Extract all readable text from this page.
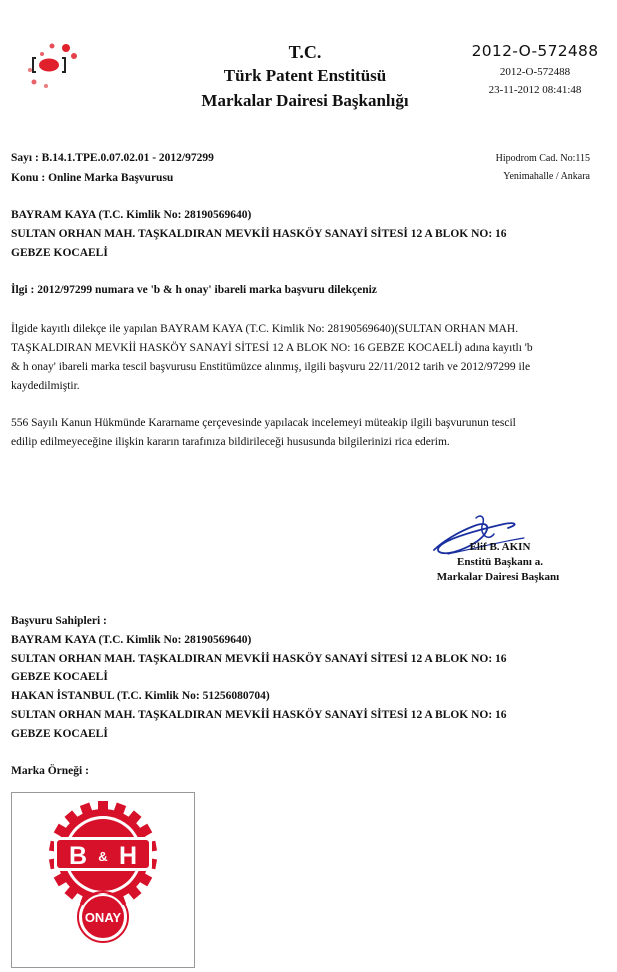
T.C.
Türk Patent Enstitüsü
Markalar Dairesi Başkanlığı
2012-O-572488
2012-O-572488
23-11-2012 08:41:48
Sayı : B.14.1.TPE.0.07.02.01 - 2012/97299
Konu : Online Marka Başvurusu
Hipodrom Cad. No:115
Yenimahalle / Ankara
BAYRAM KAYA (T.C. Kimlik No: 28190569640)
SULTAN ORHAN MAH. TAŞKALDIRAN MEVKİİ HASKÖY SANAYİ SİTESİ 12 A BLOK NO: 16
GEBZE KOCAELİ
İlgi : 2012/97299 numara ve 'b & h onay' ibareli marka başvuru dilekçeniz
İlgide kayıtlı dilekçe ile yapılan BAYRAM KAYA (T.C. Kimlik No: 28190569640)(SULTAN ORHAN MAH.
TAŞKALDIRAN MEVKİİ HASKÖY SANAYİ SİTESİ 12 A BLOK NO: 16 GEBZE KOCAELİ) adına kayıtlı 'b
& h onay' ibareli marka tescil başvurusu Enstitümüzce alınmış, ilgili başvuru 22/11/2012 tarih ve 2012/97299 ile
kaydedilmiştir.
556 Sayılı Kanun Hükmünde Kararname çerçevesinde yapılacak incelemeyi müteakip ilgili başvurunun tescil
edilip edilmeyeceğine ilişkin kararın tarafınıza bildirileceği hususunda bilgilerinizi rica ederim.
Elif B. AKIN
Enstitü Başkanı a.
Markalar Dairesi Başkanı
Başvuru Sahipleri :
BAYRAM KAYA (T.C. Kimlik No: 28190569640)
SULTAN ORHAN MAH. TAŞKALDIRAN MEVKİİ HASKÖY SANAYİ SİTESİ 12 A BLOK NO: 16
GEBZE KOCAELİ
HAKAN İSTANBUL (T.C. Kimlik No: 51256080704)
SULTAN ORHAN MAH. TAŞKALDIRAN MEVKİİ HASKÖY SANAYİ SİTESİ 12 A BLOK NO: 16
GEBZE KOCAELİ
Marka Örneği :
B & H
ONAY
